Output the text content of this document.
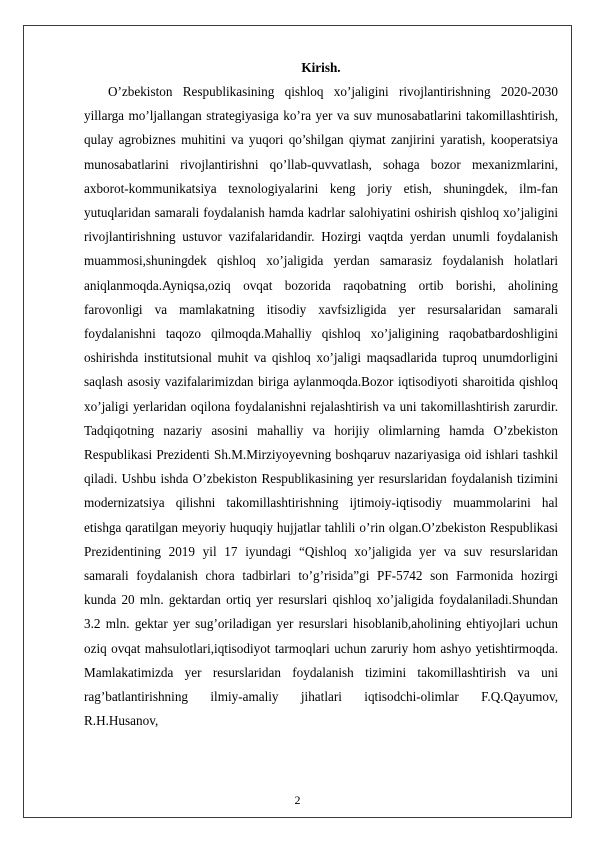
Kirish.

O’zbekiston Respublikasining qishloq xo’jaligini rivojlantirishning 2020-2030 yillarga mo’ljallangan strategiyasiga ko’ra yer va suv munosabatlarini takomillashtirish, qulay agrobiznes muhitini va yuqori qo’shilgan qiymat zanjirini yaratish, kooperatsiya munosabatlarini rivojlantirishni qo’llab-quvvatlash, sohaga bozor mexanizmlarini, axborot-kommunikatsiya texnologiyalarini keng joriy etish, shuningdek, ilm-fan yutuqlaridan samarali foydalanish hamda kadrlar salohiyatini oshirish qishloq xo’jaligini rivojlantirishning ustuvor vazifalaridandir. Hozirgi vaqtda yerdan unumli foydalanish muammosi,shuningdek qishloq xo’jaligida yerdan samarasiz foydalanish holatlari aniqlanmoqda.Ayniqsa,oziq ovqat bozorida raqobatning ortib borishi, aholining farovonligi va mamlakatning itisodiy xavfsizligida yer resursalaridan samarali foydalanishni taqozo qilmoqda.Mahalliy qishloq xo’jaligining raqobatbardoshligini oshirishda institutsional muhit va qishloq xo’jaligi maqsadlarida tuproq unumdorligini saqlash asosiy vazifalarimizdan biriga aylanmoqda.Bozor iqtisodiyoti sharoitida qishloq xo’jaligi yerlaridan oqilona foydalanishni rejalashtirish va uni takomillashtirish zarurdir. Tadqiqotning nazariy asosini mahalliy va horijiy olimlarning hamda O’zbekiston Respublikasi Prezidenti Sh.M.Mirziyoyevning boshqaruv nazariyasiga oid ishlari tashkil qiladi. Ushbu ishda O’zbekiston Respublikasining yer resurslaridan foydalanish tizimini modernizatsiya qilishni takomillashtirishning ijtimoiy-iqtisodiy muammolarini hal etishga qaratilgan meyoriy huquqiy hujjatlar tahlili o’rin olgan.O’zbekiston Respublikasi Prezidentining 2019 yil 17 iyundagi “Qishloq xo’jaligida yer va suv resurslaridan samarali foydalanish chora tadbirlari to’g’risida”gi PF-5742 son Farmonida hozirgi kunda 20 mln. gektardan ortiq yer resurslari qishloq xo’jaligida foydalaniladi.Shundan 3.2 mln. gektar yer sug’oriladigan yer resurslari hisoblanib,aholining ehtiyojlari uchun oziq ovqat mahsulotlari,iqtisodiyot tarmoqlari uchun zaruriy hom ashyo yetishtirmoqda. Mamlakatimizda yer resurslaridan foydalanish tizimini takomillashtirish va uni rag’batlantirishning ilmiy-amaliy jihatlari iqtisodchi-olimlar F.Q.Qayumov, R.H.Husanov,

2
